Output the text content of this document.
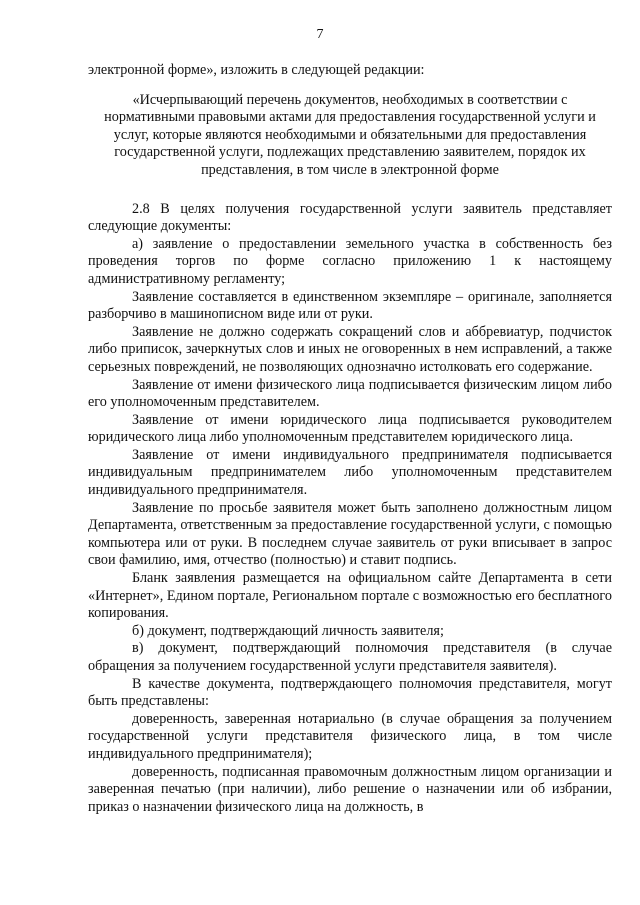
7

электронной форме», изложить в следующей редакции:

«Исчерпывающий перечень документов, необходимых в соответствии с нормативными правовыми актами для предоставления государственной услуги и услуг, которые являются необходимыми и обязательными для предоставления государственной услуги, подлежащих представлению заявителем, порядок их представления, в том числе в электронной форме

2.8 В целях получения государственной услуги заявитель представляет следующие документы:

а) заявление о предоставлении земельного участка в собственность без проведения торгов по форме согласно приложению 1 к настоящему административному регламенту;

Заявление составляется в единственном экземпляре – оригинале, заполняется разборчиво в машинописном виде или от руки.

Заявление не должно содержать сокращений слов и аббревиатур, подчисток либо приписок, зачеркнутых слов и иных не оговоренных в нем исправлений, а также серьезных повреждений, не позволяющих однозначно истолковать его содержание.

Заявление от имени физического лица подписывается физическим лицом либо его уполномоченным представителем.

Заявление от имени юридического лица подписывается руководителем юридического лица либо уполномоченным представителем юридического лица.

Заявление от имени индивидуального предпринимателя подписывается индивидуальным предпринимателем либо уполномоченным представителем индивидуального предпринимателя.

Заявление по просьбе заявителя может быть заполнено должностным лицом Департамента, ответственным за предоставление государственной услуги, с помощью компьютера или от руки. В последнем случае заявитель от руки вписывает в запрос свои фамилию, имя, отчество (полностью) и ставит подпись.

Бланк заявления размещается на официальном сайте Департамента в сети «Интернет», Едином портале, Региональном портале с возможностью его бесплатного копирования.

б) документ, подтверждающий личность заявителя;

в) документ, подтверждающий полномочия представителя (в случае обращения за получением государственной услуги представителя заявителя).

В качестве документа, подтверждающего полномочия представителя, могут быть представлены:

доверенность, заверенная нотариально (в случае обращения за получением государственной услуги представителя физического лица, в том числе индивидуального предпринимателя);

доверенность, подписанная правомочным должностным лицом организации и заверенная печатью (при наличии), либо решение о назначении или об избрании, приказ о назначении физического лица на должность, в
